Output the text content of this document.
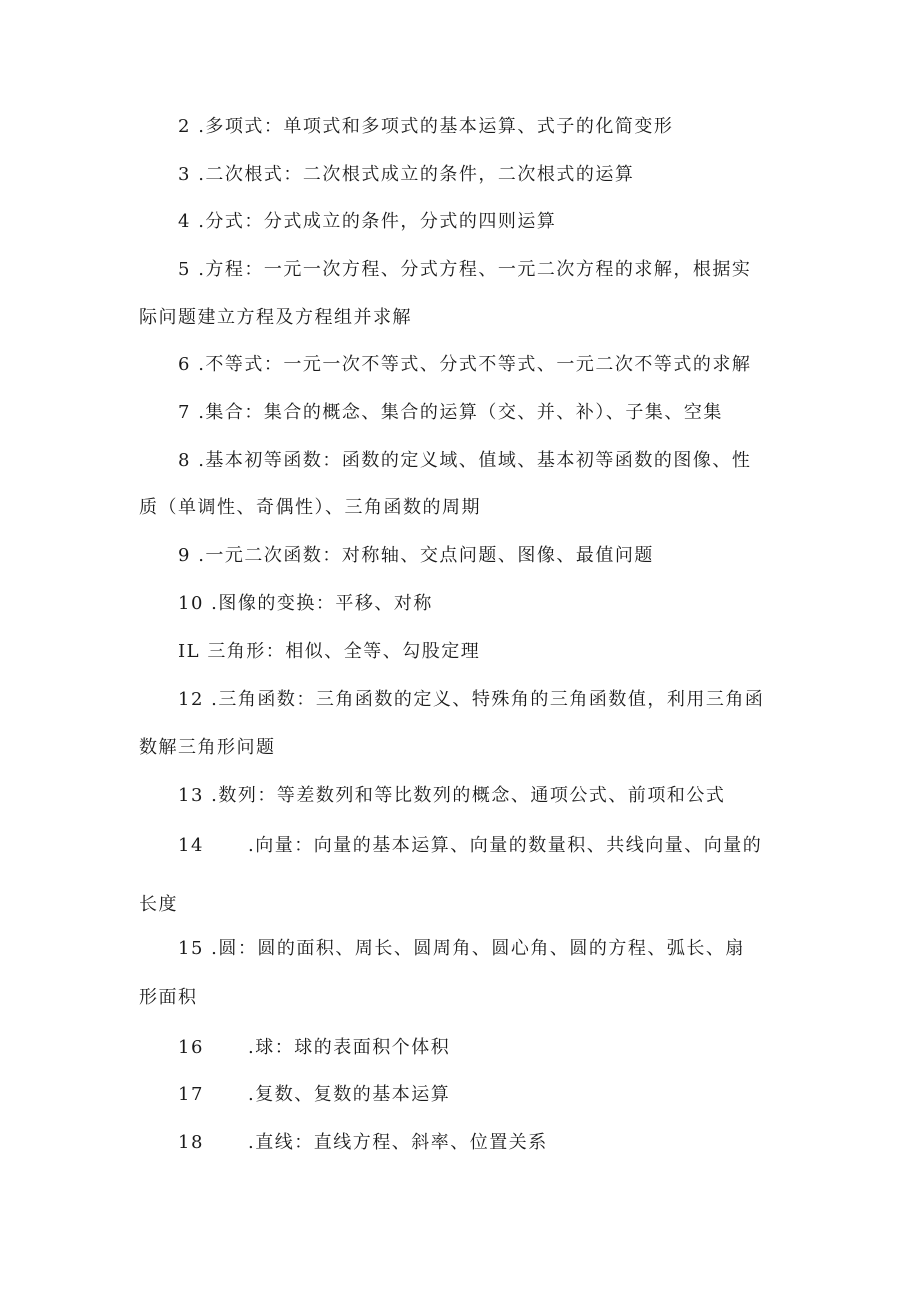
2 .多项式：单项式和多项式的基本运算、式子的化简变形
3 .二次根式：二次根式成立的条件，二次根式的运算
4 .分式：分式成立的条件，分式的四则运算
5 .方程：一元一次方程、分式方程、一元二次方程的求解，根据实
际问题建立方程及方程组并求解
6 .不等式：一元一次不等式、分式不等式、一元二次不等式的求解
7 .集合：集合的概念、集合的运算（交、并、补）、子集、空集
8 .基本初等函数：函数的定义域、值域、基本初等函数的图像、性
质（单调性、奇偶性）、三角函数的周期
9 .一元二次函数：对称轴、交点问题、图像、最值问题
10 .图像的变换：平移、对称
IL 三角形：相似、全等、勾股定理
12 .三角函数：三角函数的定义、特殊角的三角函数值，利用三角函
数解三角形问题
13 .数列：等差数列和等比数列的概念、通项公式、前项和公式
14 .向量：向量的基本运算、向量的数量积、共线向量、向量的
长度
15 .圆：圆的面积、周长、圆周角、圆心角、圆的方程、弧长、扇
形面积
16 .球：球的表面积个体积
17 .复数、复数的基本运算
18 .直线：直线方程、斜率、位置关系
